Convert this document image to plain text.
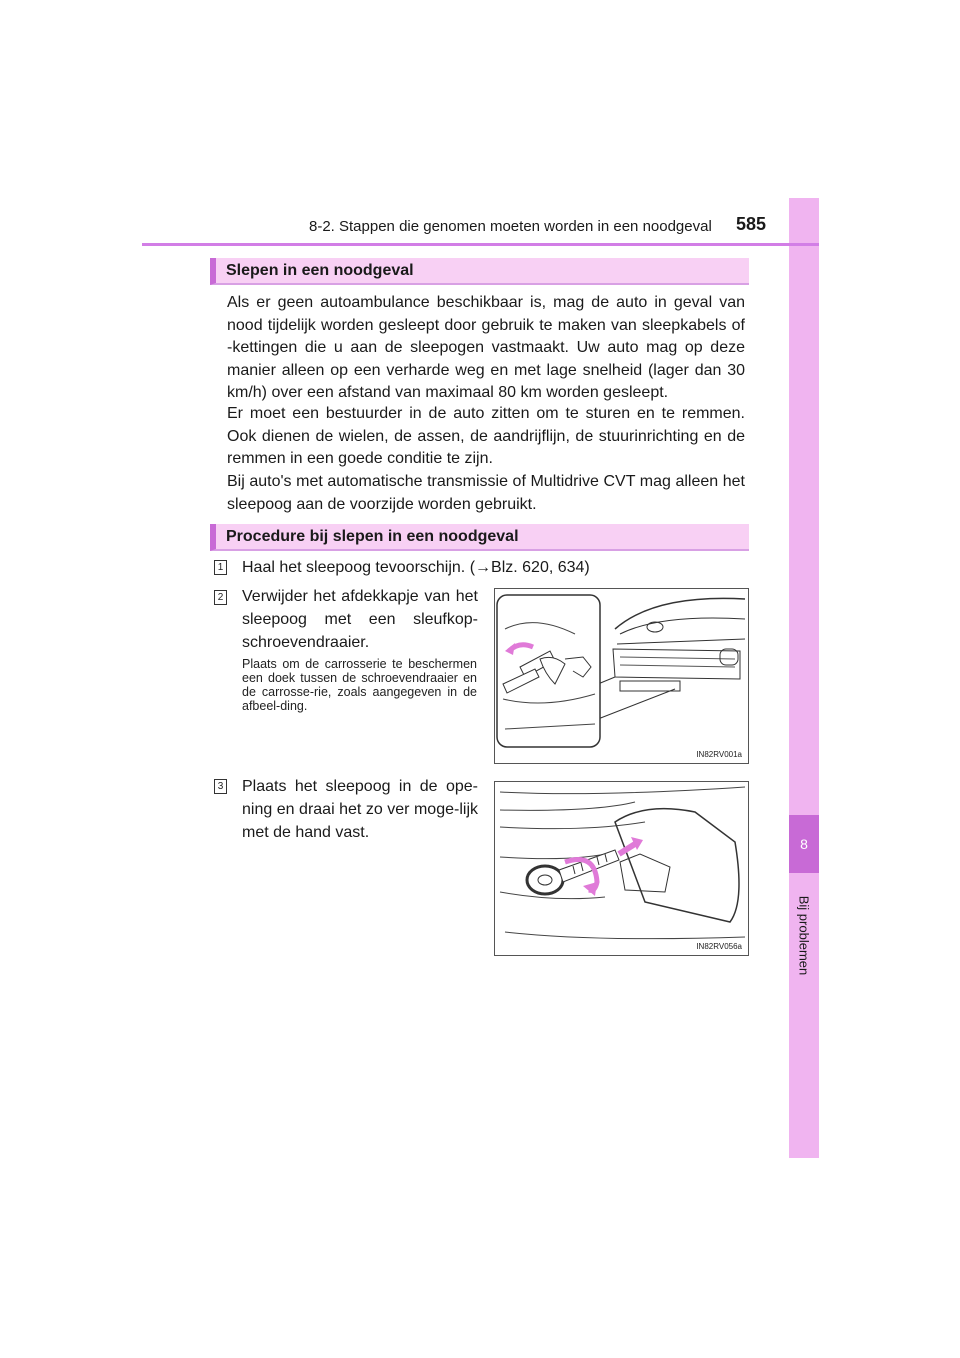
8
Bij problemen
8-2. Stappen die genomen moeten worden in een noodgeval 585
Slepen in een noodgeval
Als er geen autoambulance beschikbaar is, mag de auto in geval van nood tijdelijk worden gesleept door gebruik te maken van sleepkabels of -kettingen die u aan de sleepogen vastmaakt. Uw auto mag op deze manier alleen op een verharde weg en met lage snelheid (lager dan 30 km/h) over een afstand van maximaal 80 km worden gesleept.
Er moet een bestuurder in de auto zitten om te sturen en te remmen. Ook dienen de wielen, de assen, de aandrijflijn, de stuurinrichting en de remmen in een goede conditie te zijn.
Bij auto's met automatische transmissie of Multidrive CVT mag alleen het sleepoog aan de voorzijde worden gebruikt.
Procedure bij slepen in een noodgeval
1 Haal het sleepoog tevoorschijn. (→Blz. 620, 634)
2 Verwijder het afdekkapje van het sleepoog met een sleufkop-schroevendraaier.
Plaats om de carrosserie te beschermen een doek tussen de schroevendraaier en de carrosse-rie, zoals aangegeven in de afbeel-ding.
IN82RV001a
3 Plaats het sleepoog in de ope-ning en draai het zo ver moge-lijk met de hand vast.
IN82RV056a
